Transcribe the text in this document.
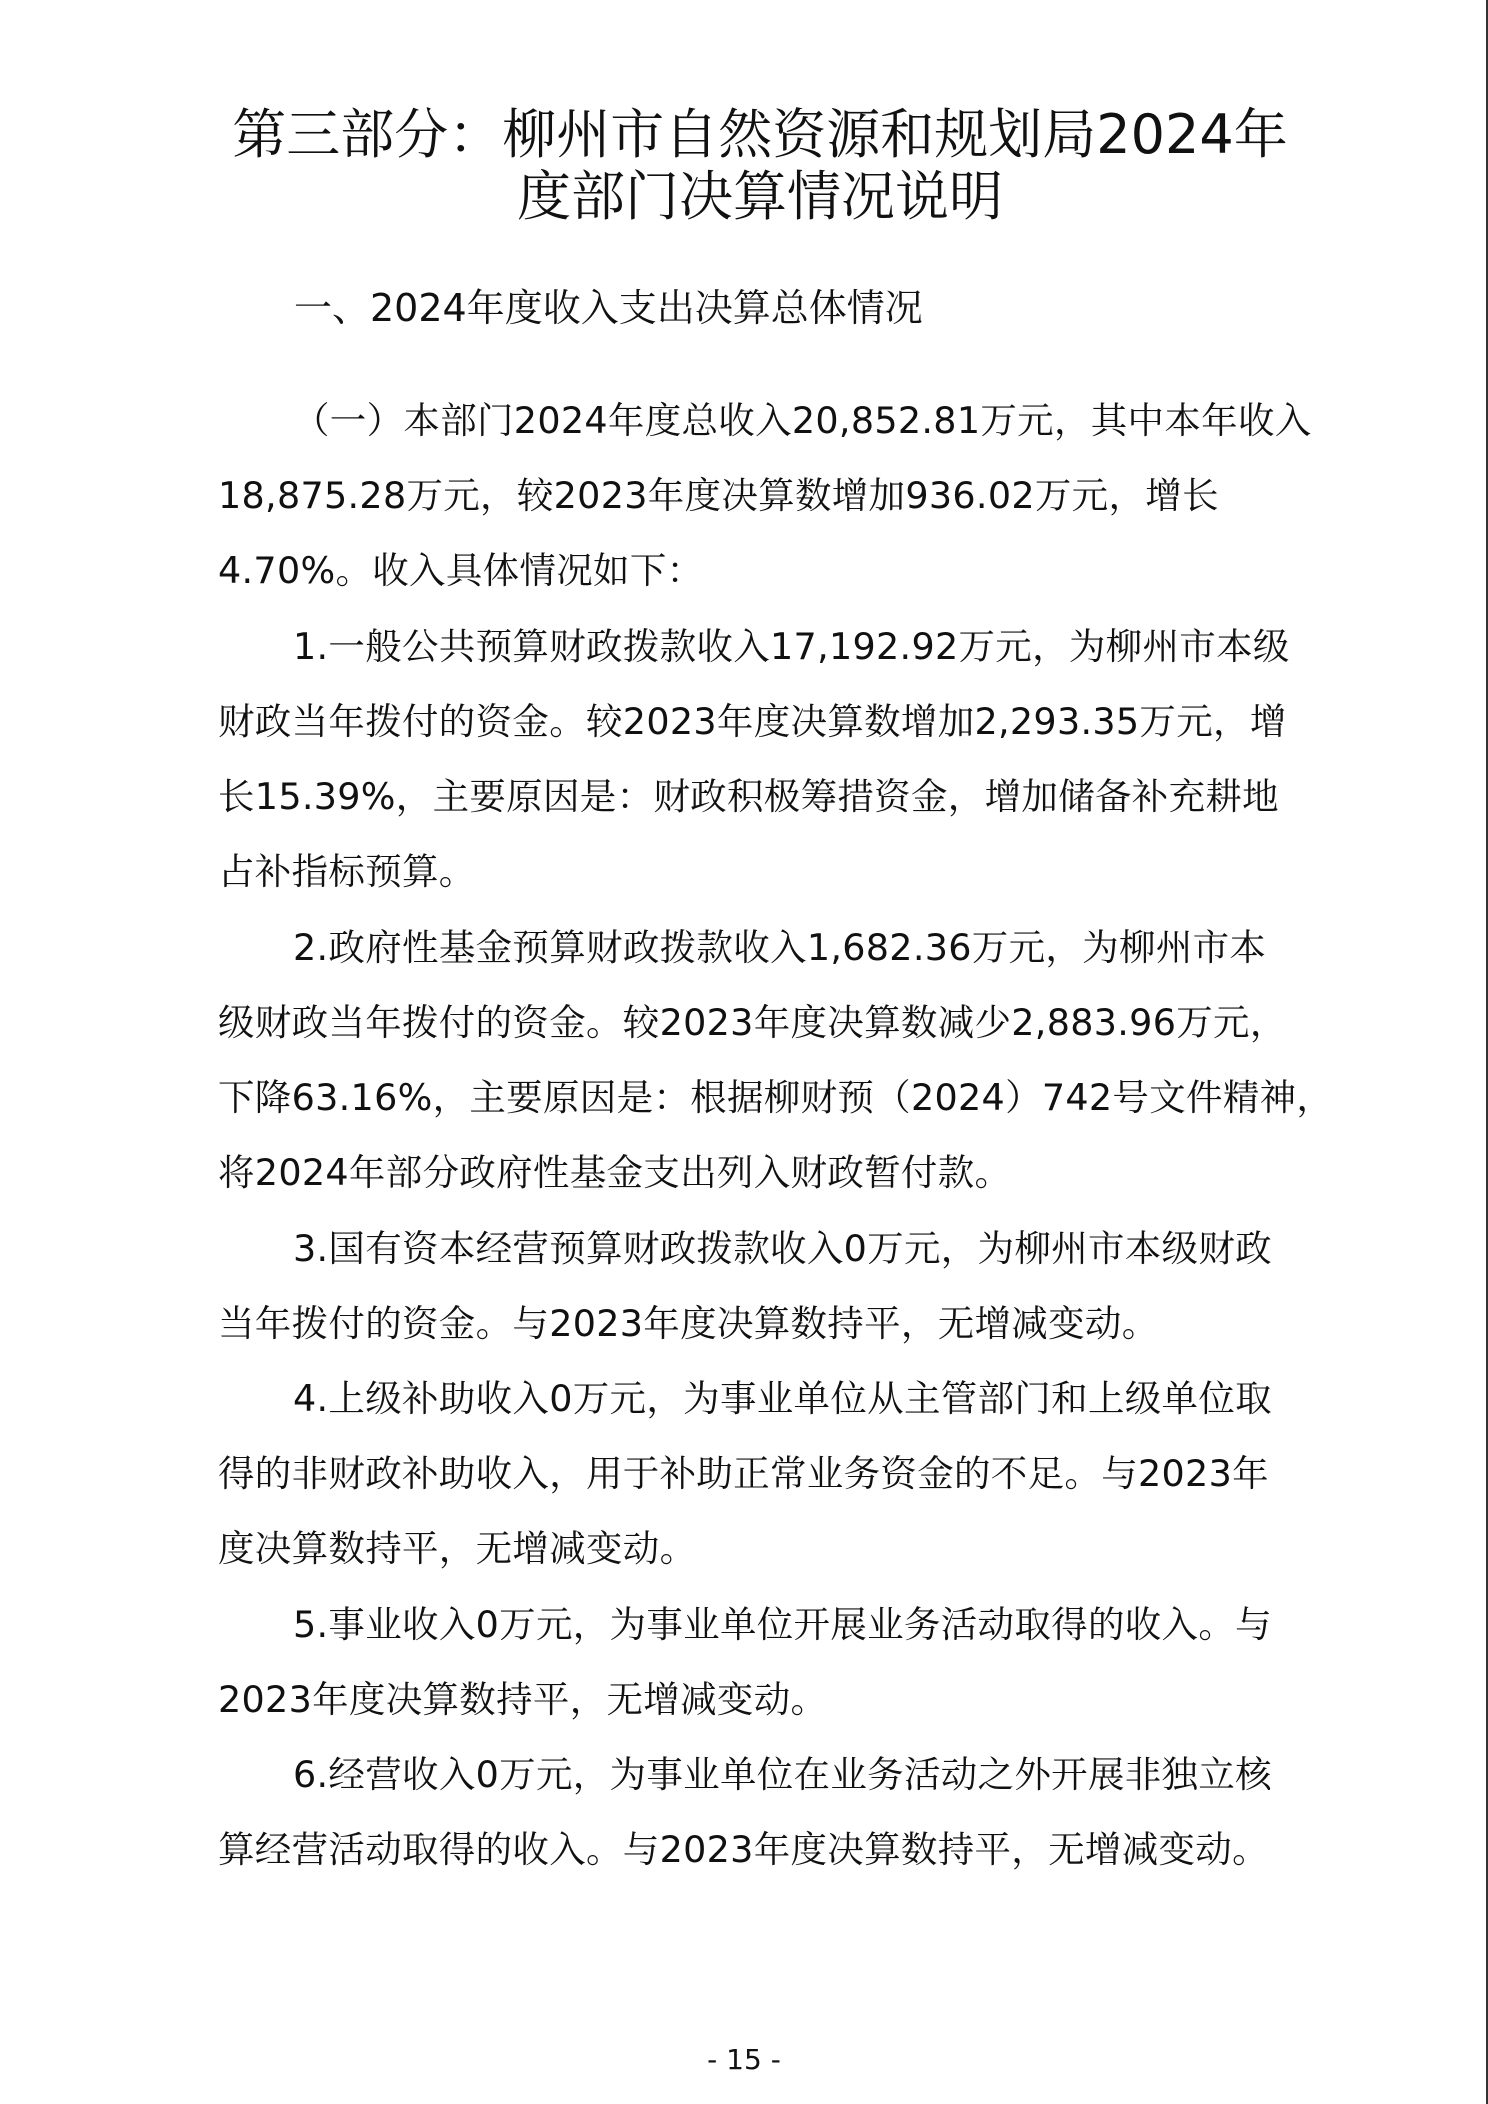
第三部分：柳州市自然资源和规划局2024年
度部门决算情况说明
一、2024年度收入支出决算总体情况
（一）本部门2024年度总收入20,852.81万元，其中本年收入
18,875.28万元，较2023年度决算数增加936.02万元，增长
4.70%。收入具体情况如下：
1.一般公共预算财政拨款收入17,192.92万元，为柳州市本级
财政当年拨付的资金。较2023年度决算数增加2,293.35万元，增
长15.39%，主要原因是：财政积极筹措资金，增加储备补充耕地
占补指标预算。
2.政府性基金预算财政拨款收入1,682.36万元，为柳州市本
级财政当年拨付的资金。较2023年度决算数减少2,883.96万元，
下降63.16%，主要原因是：根据柳财预（2024）742号文件精神，
将2024年部分政府性基金支出列入财政暂付款。
3.国有资本经营预算财政拨款收入0万元，为柳州市本级财政
当年拨付的资金。与2023年度决算数持平，无增减变动。
4.上级补助收入0万元，为事业单位从主管部门和上级单位取
得的非财政补助收入，用于补助正常业务资金的不足。与2023年
度决算数持平，无增减变动。
5.事业收入0万元，为事业单位开展业务活动取得的收入。与
2023年度决算数持平，无增减变动。
6.经营收入0万元，为事业单位在业务活动之外开展非独立核
算经营活动取得的收入。与2023年度决算数持平，无增减变动。
- 15 -
